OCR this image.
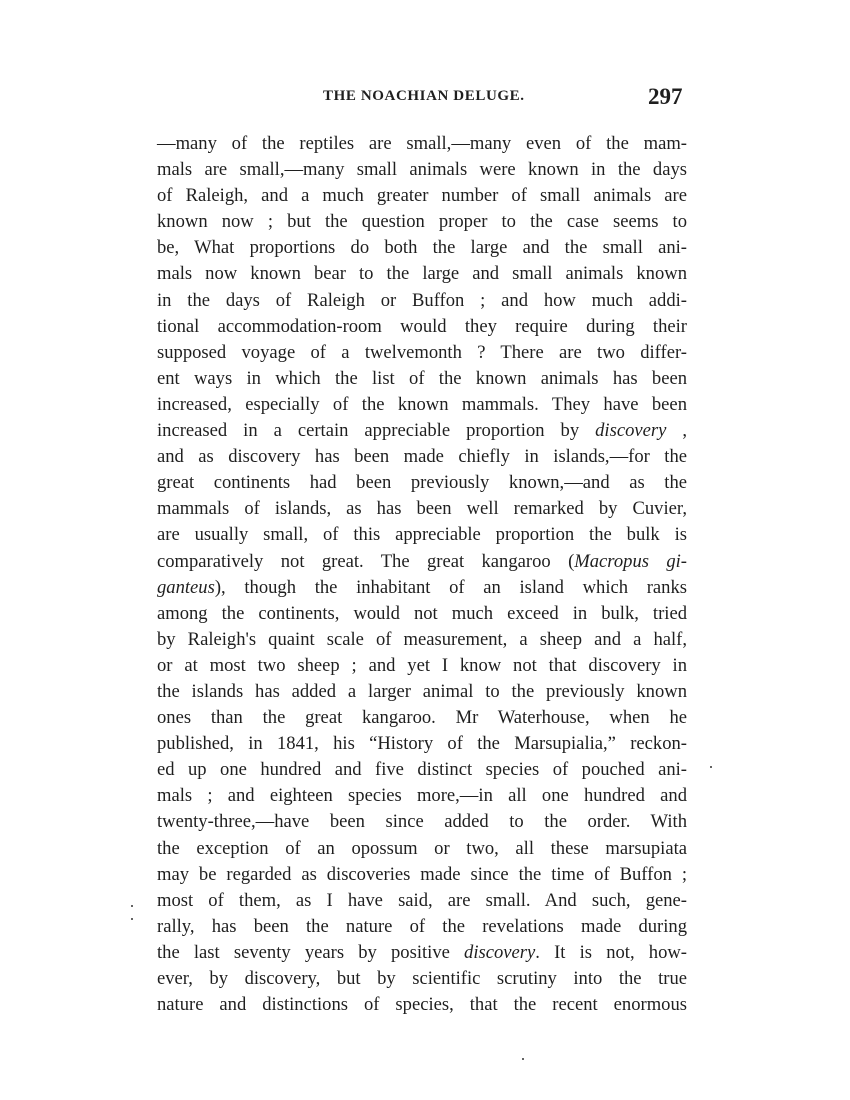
THE NOACHIAN DELUGE.	297
—many of the reptiles are small,—many even of the mam-
mals are small,—many small animals were known in the days
of Raleigh, and a much greater number of small animals are
known now ; but the question proper to the case seems to
be, What proportions do both the large and the small ani-
mals now known bear to the large and small animals known
in the days of Raleigh or Buffon ; and how much addi-
tional accommodation-room would they require during their
supposed voyage of a twelvemonth ? There are two differ-
ent ways in which the list of the known animals has been
increased, especially of the known mammals. They have been
increased in a certain appreciable proportion by discovery ,
and as discovery has been made chiefly in islands,—for the
great continents had been previously known,—and as the
mammals of islands, as has been well remarked by Cuvier,
are usually small, of this appreciable proportion the bulk is
comparatively not great. The great kangaroo (Macropus gi-
ganteus), though the inhabitant of an island which ranks
among the continents, would not much exceed in bulk, tried
by Raleigh's quaint scale of measurement, a sheep and a half,
or at most two sheep ; and yet I know not that discovery in
the islands has added a larger animal to the previously known
ones than the great kangaroo. Mr Waterhouse, when he
published, in 1841, his “History of the Marsupialia,” reckon-
ed up one hundred and five distinct species of pouched ani-
mals ; and eighteen species more,—in all one hundred and
twenty-three,—have been since added to the order. With
the exception of an opossum or two, all these marsupiata
may be regarded as discoveries made since the time of Buffon ;
most of them, as I have said, are small. And such, gene-
rally, has been the nature of the revelations made during
the last seventy years by positive discovery. It is not, how-
ever, by discovery, but by scientific scrutiny into the true
nature and distinctions of species, that the recent enormous
